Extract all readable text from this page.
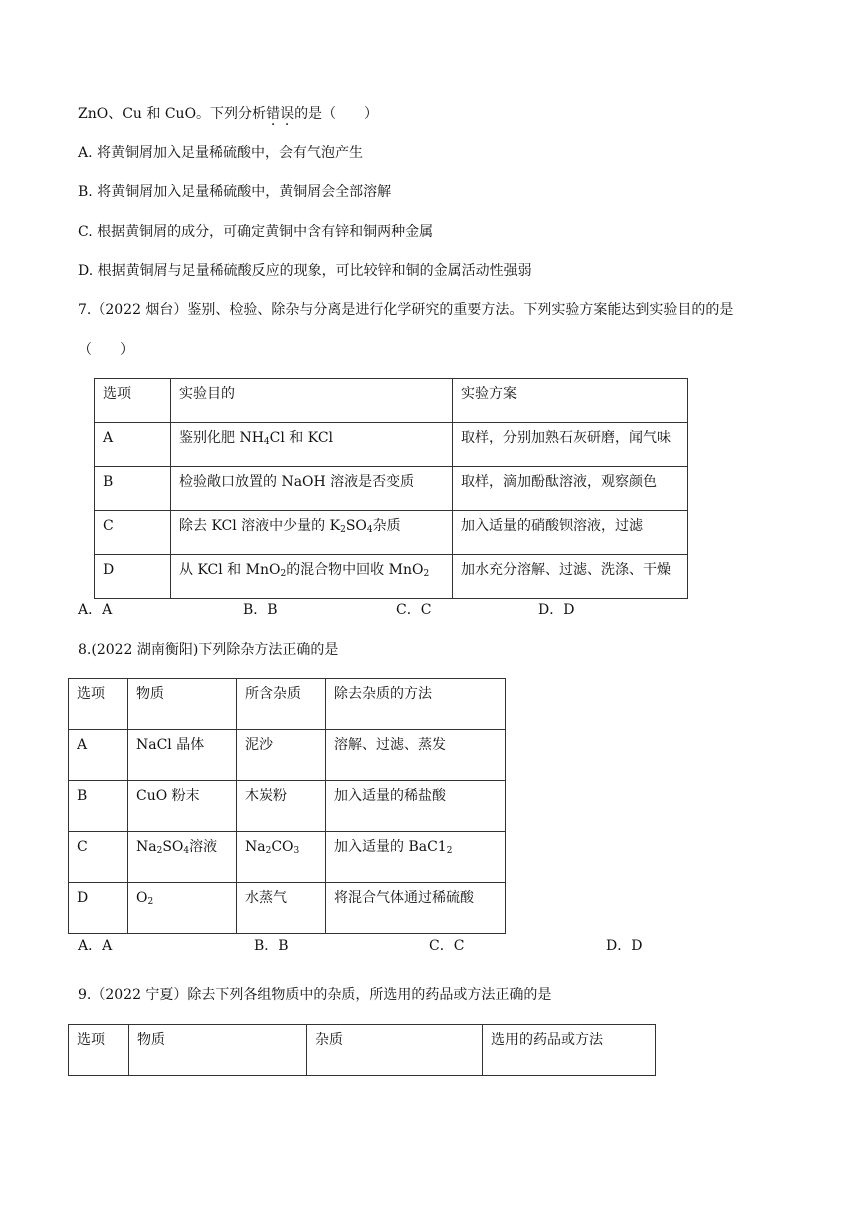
ZnO、Cu 和 CuO。下列分析错误的是（　　）
A. 将黄铜屑加入足量稀硫酸中，会有气泡产生
B. 将黄铜屑加入足量稀硫酸中，黄铜屑会全部溶解
C. 根据黄铜屑的成分，可确定黄铜中含有锌和铜两种金属
D. 根据黄铜屑与足量稀硫酸反应的现象，可比较锌和铜的金属活动性强弱
7.（2022 烟台）鉴别、检验、除杂与分离是进行化学研究的重要方法。下列实验方案能达到实验目的的是
（　　）
选项	实验目的	实验方案
A	鉴别化肥 $NH_4Cl$ 和 KCl	取样，分别加熟石灰研磨，闻气味
B	检验敞口放置的 NaOH 溶液是否变质	取样，滴加酚酞溶液，观察颜色
C	除去 KCl 溶液中少量的 $K_2SO_4$杂质	加入适量的硝酸钡溶液，过滤
D	从 KCl 和 MnO$_2$的混合物中回收 MnO$_2$	加水充分溶解、过滤、洗涤、干燥
A．A	B．B	C．C	D．D
8.(2022 湖南衡阳)下列除杂方法正确的是
选项	物质	所含杂质	除去杂质的方法
A	NaCl 晶体	泥沙	溶解、过滤、蒸发
B	CuO 粉末	木炭粉	加入适量的稀盐酸
C	$Na_2SO_4$溶液	$Na_2CO_3$	加入适量的 $BaC1_2$
D	$O_2$	水蒸气	将混合气体通过稀硫酸
A．A	B．B	C．C	D．D
9.（2022 宁夏）除去下列各组物质中的杂质，所选用的药品或方法正确的是
选项	物质	杂质	选用的药品或方法
